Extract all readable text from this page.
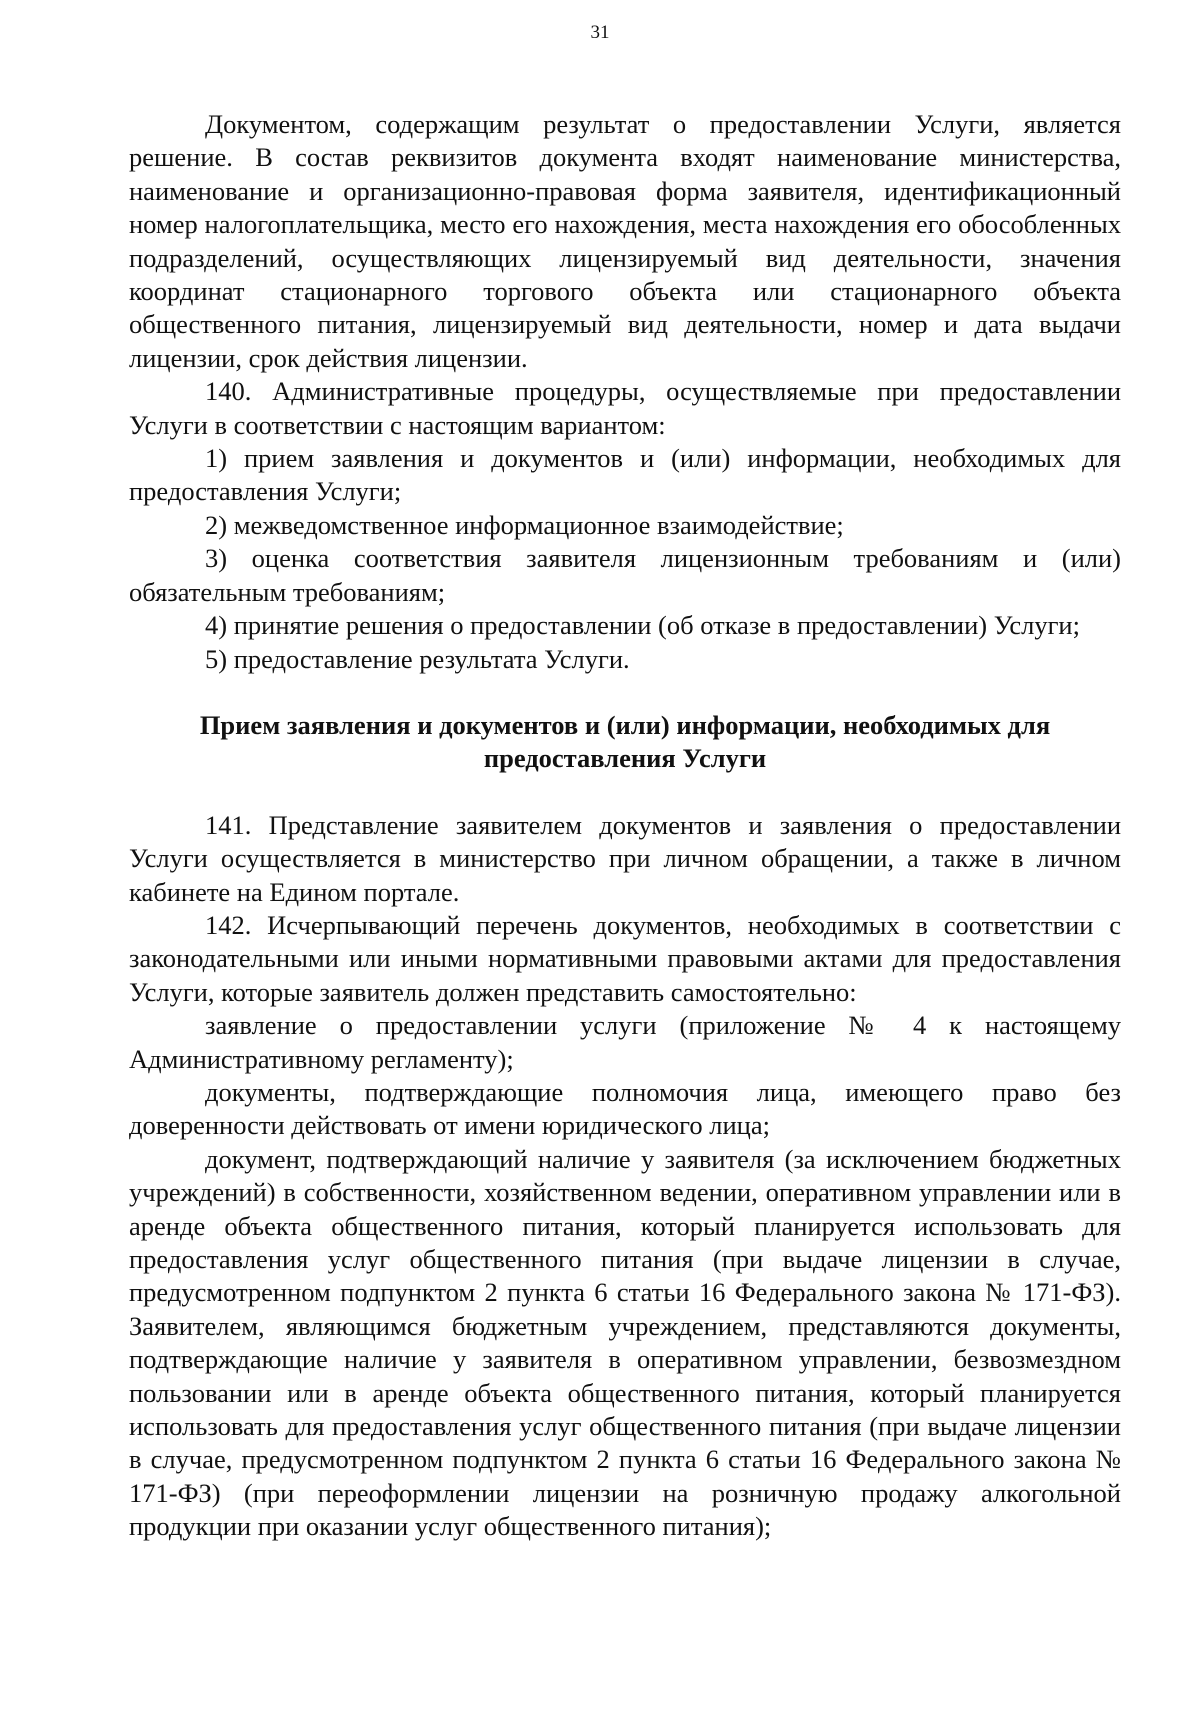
31

Документом, содержащим результат о предоставлении Услуги, является решение. В состав реквизитов документа входят наименование министерства, наименование и организационно-правовая форма заявителя, идентификационный номер налогоплательщика, место его нахождения, места нахождения его обособленных подразделений, осуществляющих лицензируемый вид деятельности, значения координат стационарного торгового объекта или стационарного объекта общественного питания, лицензируемый вид деятельности, номер и дата выдачи лицензии, срок действия лицензии.

140. Административные процедуры, осуществляемые при предоставлении Услуги в соответствии с настоящим вариантом:

1) прием заявления и документов и (или) информации, необходимых для предоставления Услуги;

2) межведомственное информационное взаимодействие;

3) оценка соответствия заявителя лицензионным требованиям и (или) обязательным требованиям;

4) принятие решения о предоставлении (об отказе в предоставлении) Услуги;

5) предоставление результата Услуги.

Прием заявления и документов и (или) информации, необходимых для предоставления Услуги

141. Представление заявителем документов и заявления о предоставлении Услуги осуществляется в министерство при личном обращении, а также в личном кабинете на Едином портале.

142. Исчерпывающий перечень документов, необходимых в соответствии с законодательными или иными нормативными правовыми актами для предоставления Услуги, которые заявитель должен представить самостоятельно:

заявление о предоставлении услуги (приложение № 4 к настоящему Административному регламенту);

документы, подтверждающие полномочия лица, имеющего право без доверенности действовать от имени юридического лица;

документ, подтверждающий наличие у заявителя (за исключением бюджетных учреждений) в собственности, хозяйственном ведении, оперативном управлении или в аренде объекта общественного питания, который планируется использовать для предоставления услуг общественного питания (при выдаче лицензии в случае, предусмотренном подпунктом 2 пункта 6 статьи 16 Федерального закона № 171-ФЗ). Заявителем, являющимся бюджетным учреждением, представляются документы, подтверждающие наличие у заявителя в оперативном управлении, безвозмездном пользовании или в аренде объекта общественного питания, который планируется использовать для предоставления услуг общественного питания (при выдаче лицензии в случае, предусмотренном подпунктом 2 пункта 6 статьи 16 Федерального закона № 171-ФЗ) (при переоформлении лицензии на розничную продажу алкогольной продукции при оказании услуг общественного питания);
